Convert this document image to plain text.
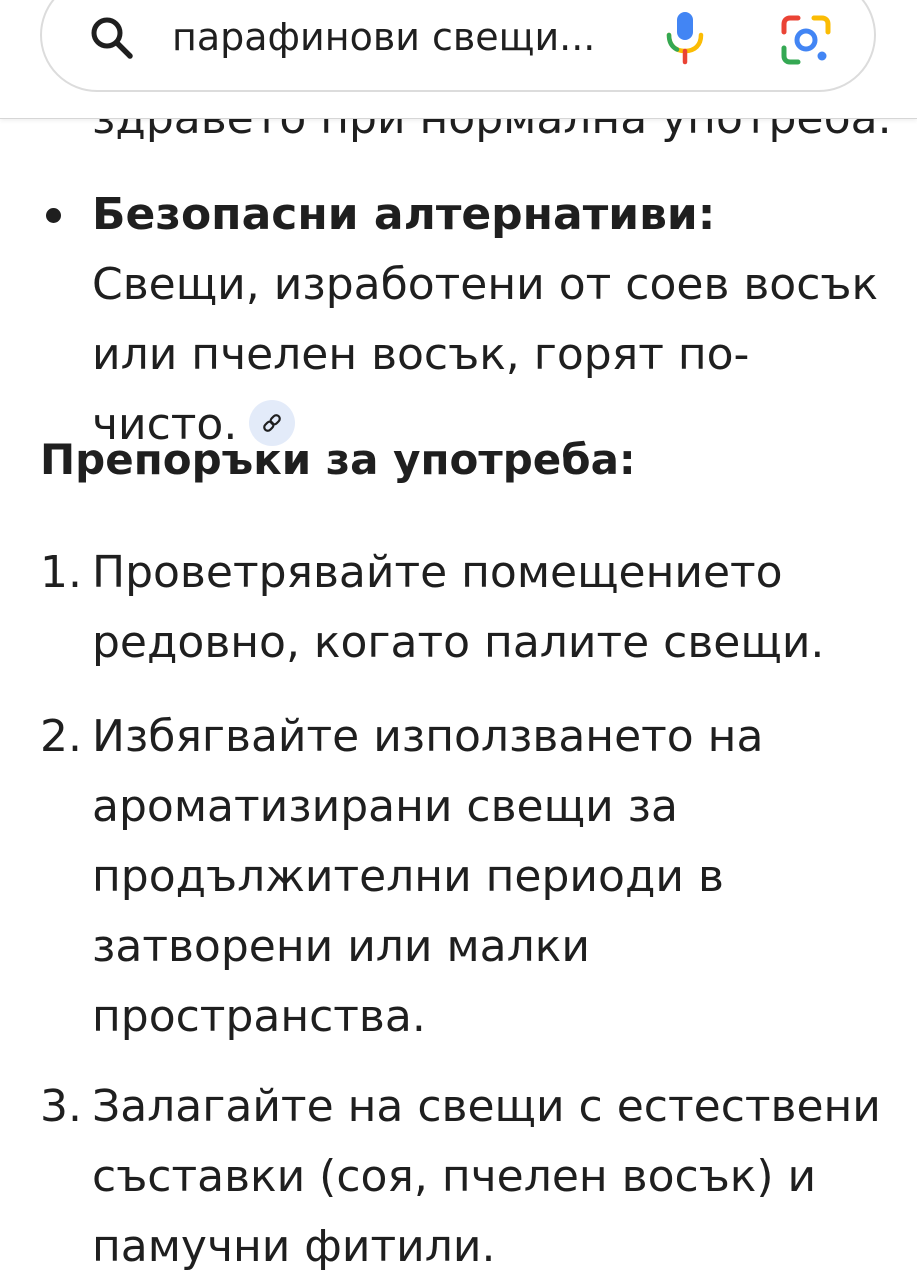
парафинови свещи...
Безопасни алтернативи: Свещи, изработени от соев восък или пчелен восък, горят по-чисто.
Препоръки за употреба:
1. Проветрявайте помещението редовно, когато палите свещи.
2. Избягвайте използването на ароматизирани свещи за продължителни периоди в затворени или малки пространства.
3. Залагайте на свещи с естествени съставки (соя, пчелен восък) и памучни фитили.
